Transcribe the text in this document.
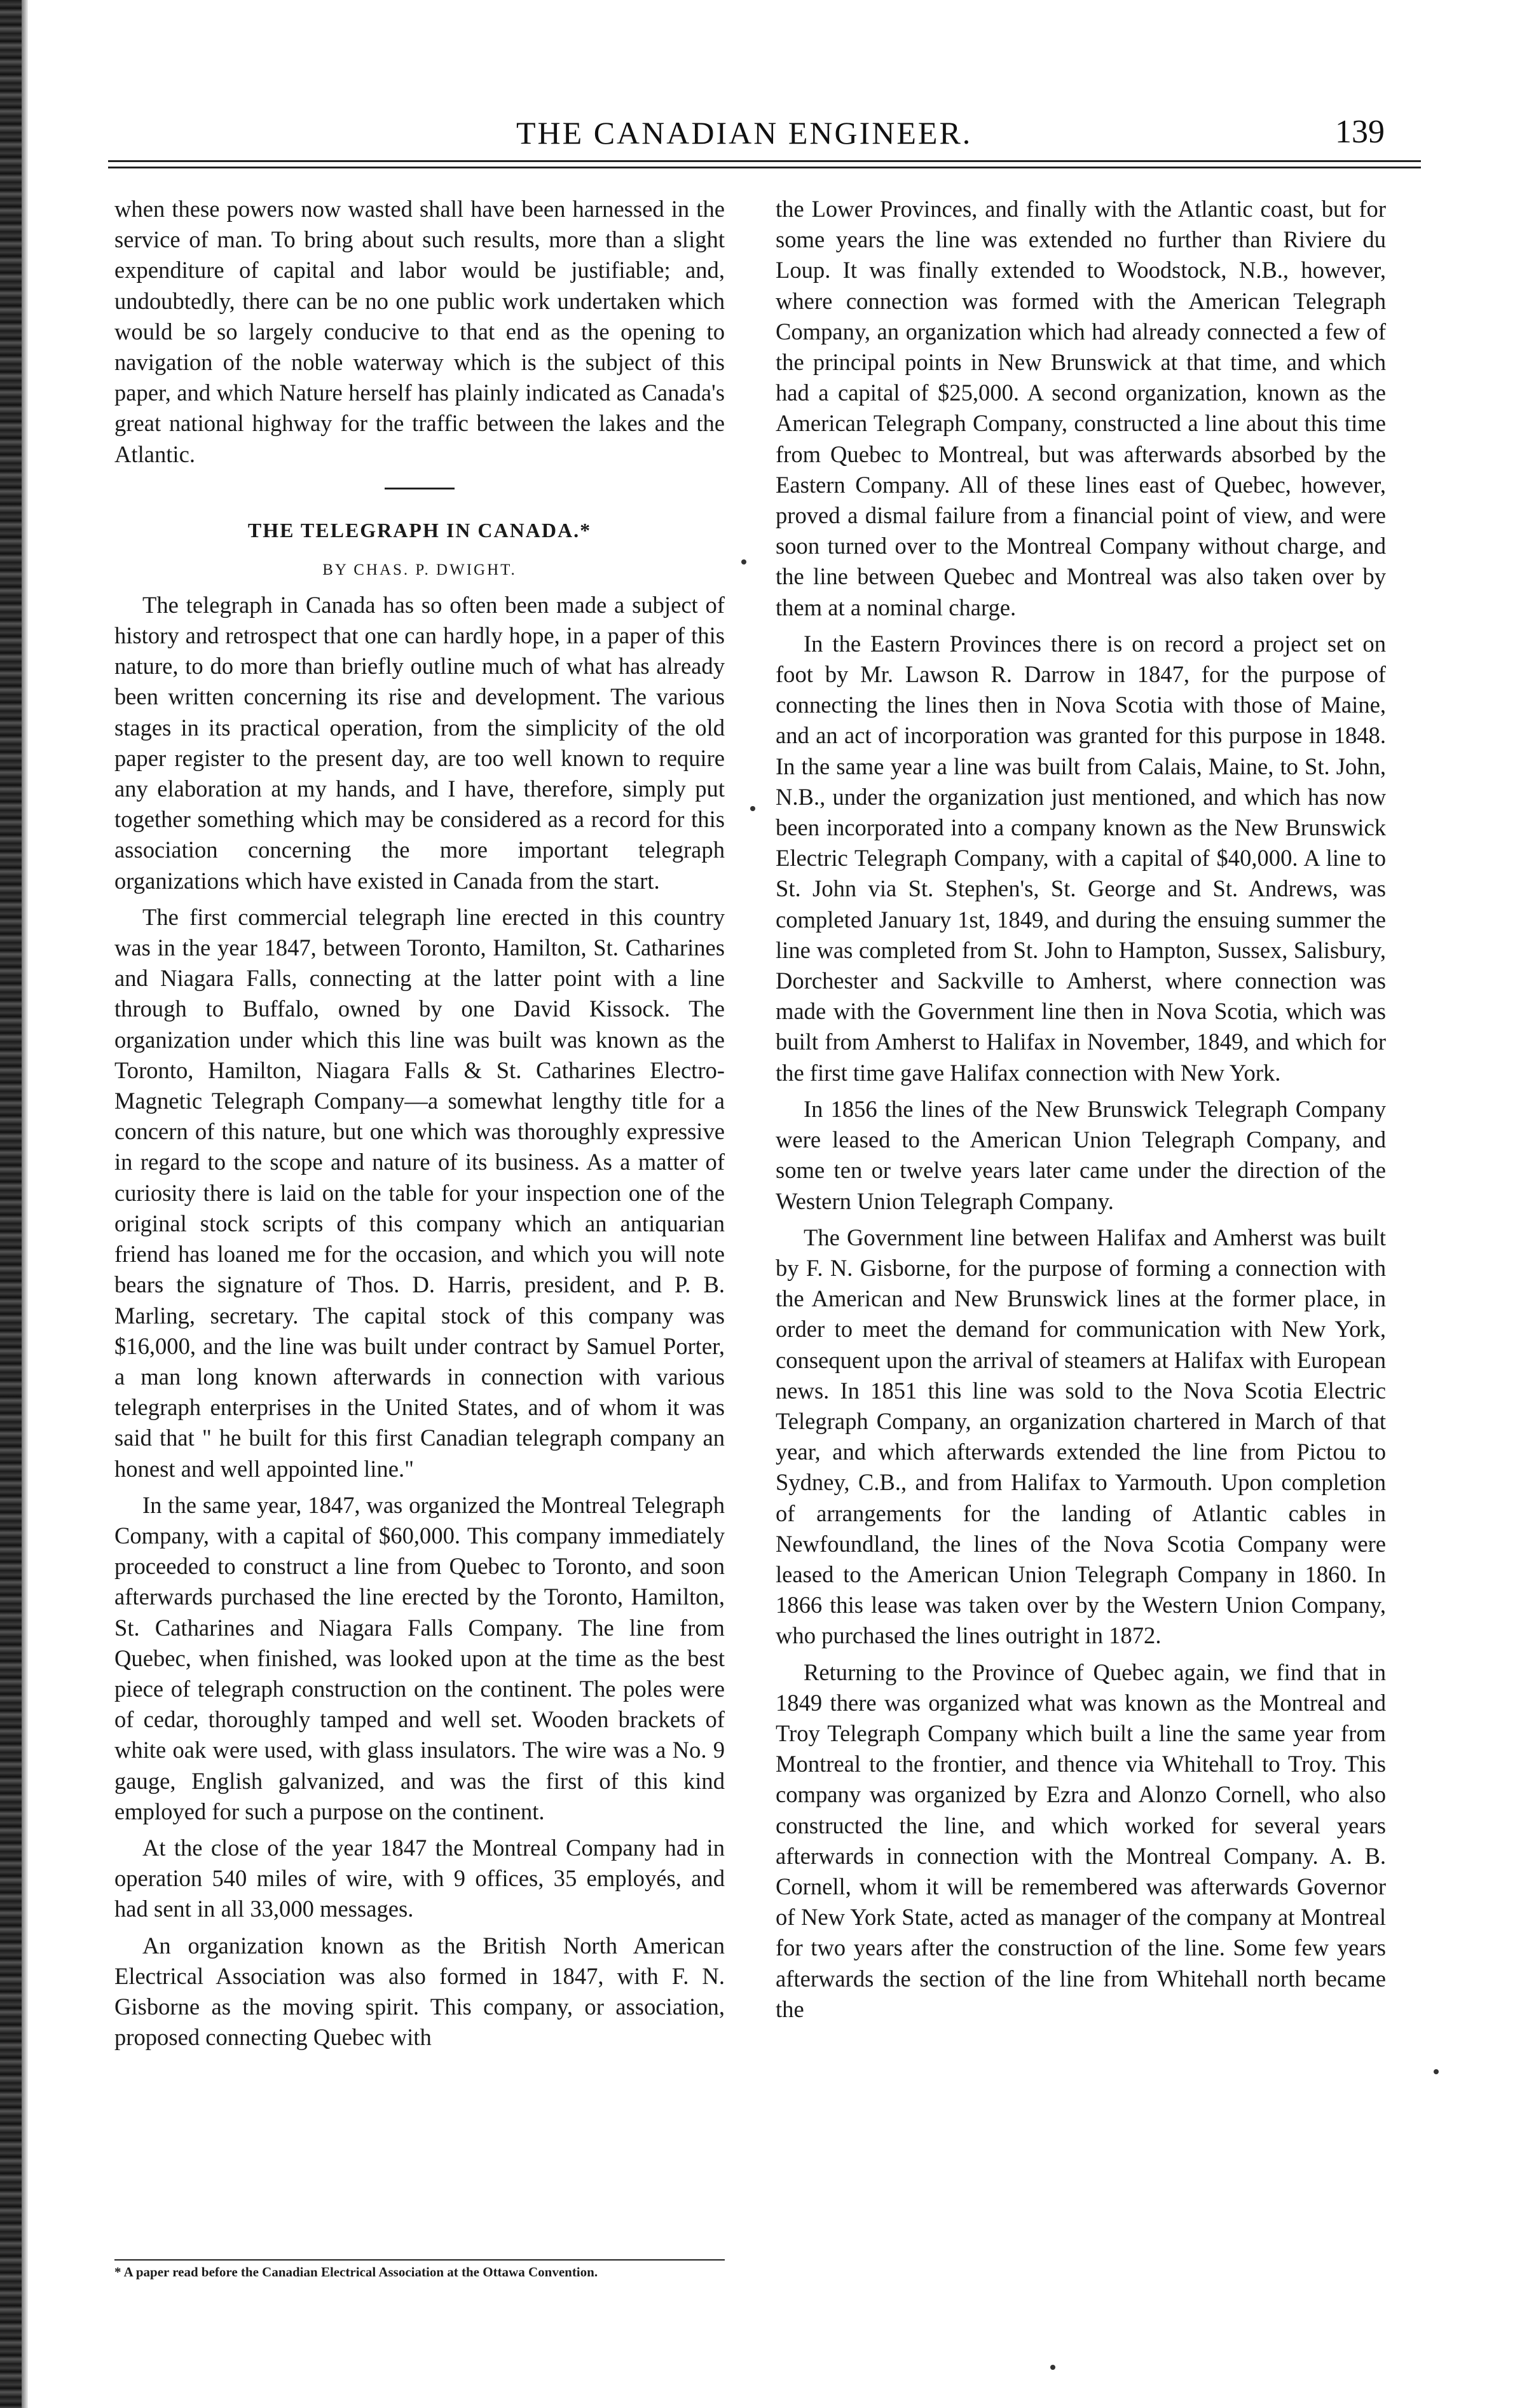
THE CANADIAN ENGINEER.	139

when these powers now wasted shall have been harnessed in the service of man. To bring about such results, more than a slight expenditure of capital and labor would be justifiable; and, undoubtedly, there can be no one public work undertaken which would be so largely conducive to that end as the opening to navigation of the noble waterway which is the subject of this paper, and which Nature herself has plainly indicated as Canada's great national highway for the traffic between the lakes and the Atlantic.

THE TELEGRAPH IN CANADA.*
BY CHAS. P. DWIGHT.

The telegraph in Canada has so often been made a subject of history and retrospect that one can hardly hope, in a paper of this nature, to do more than briefly outline much of what has already been written concerning its rise and development. The various stages in its practical operation, from the simplicity of the old paper register to the present day, are too well known to require any elaboration at my hands, and I have, therefore, simply put together something which may be considered as a record for this association concerning the more important telegraph organizations which have existed in Canada from the start.

The first commercial telegraph line erected in this country was in the year 1847, between Toronto, Hamilton, St. Catharines and Niagara Falls, connecting at the latter point with a line through to Buffalo, owned by one David Kissock. The organization under which this line was built was known as the Toronto, Hamilton, Niagara Falls & St. Catharines Electro-Magnetic Telegraph Company—a somewhat lengthy title for a concern of this nature, but one which was thoroughly expressive in regard to the scope and nature of its business. As a matter of curiosity there is laid on the table for your inspection one of the original stock scripts of this company which an antiquarian friend has loaned me for the occasion, and which you will note bears the signature of Thos. D. Harris, president, and P. B. Marling, secretary. The capital stock of this company was $16,000, and the line was built under contract by Samuel Porter, a man long known afterwards in connection with various telegraph enterprises in the United States, and of whom it was said that " he built for this first Canadian telegraph company an honest and well appointed line."

In the same year, 1847, was organized the Montreal Telegraph Company, with a capital of $60,000. This company immediately proceeded to construct a line from Quebec to Toronto, and soon afterwards purchased the line erected by the Toronto, Hamilton, St. Catharines and Niagara Falls Company. The line from Quebec, when finished, was looked upon at the time as the best piece of telegraph construction on the continent. The poles were of cedar, thoroughly tamped and well set. Wooden brackets of white oak were used, with glass insulators. The wire was a No. 9 gauge, English galvanized, and was the first of this kind employed for such a purpose on the continent.

At the close of the year 1847 the Montreal Company had in operation 540 miles of wire, with 9 offices, 35 employés, and had sent in all 33,000 messages.

An organization known as the British North American Electrical Association was also formed in 1847, with F. N. Gisborne as the moving spirit. This company, or association, proposed connecting Quebec with

* A paper read before the Canadian Electrical Association at the Ottawa Convention.

the Lower Provinces, and finally with the Atlantic coast, but for some years the line was extended no further than Riviere du Loup. It was finally extended to Woodstock, N.B., however, where connection was formed with the American Telegraph Company, an organization which had already connected a few of the principal points in New Brunswick at that time, and which had a capital of $25,000. A second organization, known as the American Telegraph Company, constructed a line about this time from Quebec to Montreal, but was afterwards absorbed by the Eastern Company. All of these lines east of Quebec, however, proved a dismal failure from a financial point of view, and were soon turned over to the Montreal Company without charge, and the line between Quebec and Montreal was also taken over by them at a nominal charge.

In the Eastern Provinces there is on record a project set on foot by Mr. Lawson R. Darrow in 1847, for the purpose of connecting the lines then in Nova Scotia with those of Maine, and an act of incorporation was granted for this purpose in 1848. In the same year a line was built from Calais, Maine, to St. John, N.B., under the organization just mentioned, and which has now been incorporated into a company known as the New Brunswick Electric Telegraph Company, with a capital of $40,000. A line to St. John via St. Stephen's, St. George and St. Andrews, was completed January 1st, 1849, and during the ensuing summer the line was completed from St. John to Hampton, Sussex, Salisbury, Dorchester and Sackville to Amherst, where connection was made with the Government line then in Nova Scotia, which was built from Amherst to Halifax in November, 1849, and which for the first time gave Halifax connection with New York.

In 1856 the lines of the New Brunswick Telegraph Company were leased to the American Union Telegraph Company, and some ten or twelve years later came under the direction of the Western Union Telegraph Company.

The Government line between Halifax and Amherst was built by F. N. Gisborne, for the purpose of forming a connection with the American and New Brunswick lines at the former place, in order to meet the demand for communication with New York, consequent upon the arrival of steamers at Halifax with European news. In 1851 this line was sold to the Nova Scotia Electric Telegraph Company, an organization chartered in March of that year, and which afterwards extended the line from Pictou to Sydney, C.B., and from Halifax to Yarmouth. Upon completion of arrangements for the landing of Atlantic cables in Newfoundland, the lines of the Nova Scotia Company were leased to the American Union Telegraph Company in 1860. In 1866 this lease was taken over by the Western Union Company, who purchased the lines outright in 1872.

Returning to the Province of Quebec again, we find that in 1849 there was organized what was known as the Montreal and Troy Telegraph Company which built a line the same year from Montreal to the frontier, and thence via Whitehall to Troy. This company was organized by Ezra and Alonzo Cornell, who also constructed the line, and which worked for several years afterwards in connection with the Montreal Company. A. B. Cornell, whom it will be remembered was afterwards Governor of New York State, acted as manager of the company at Montreal for two years after the construction of the line. Some few years afterwards the section of the line from Whitehall north became the
